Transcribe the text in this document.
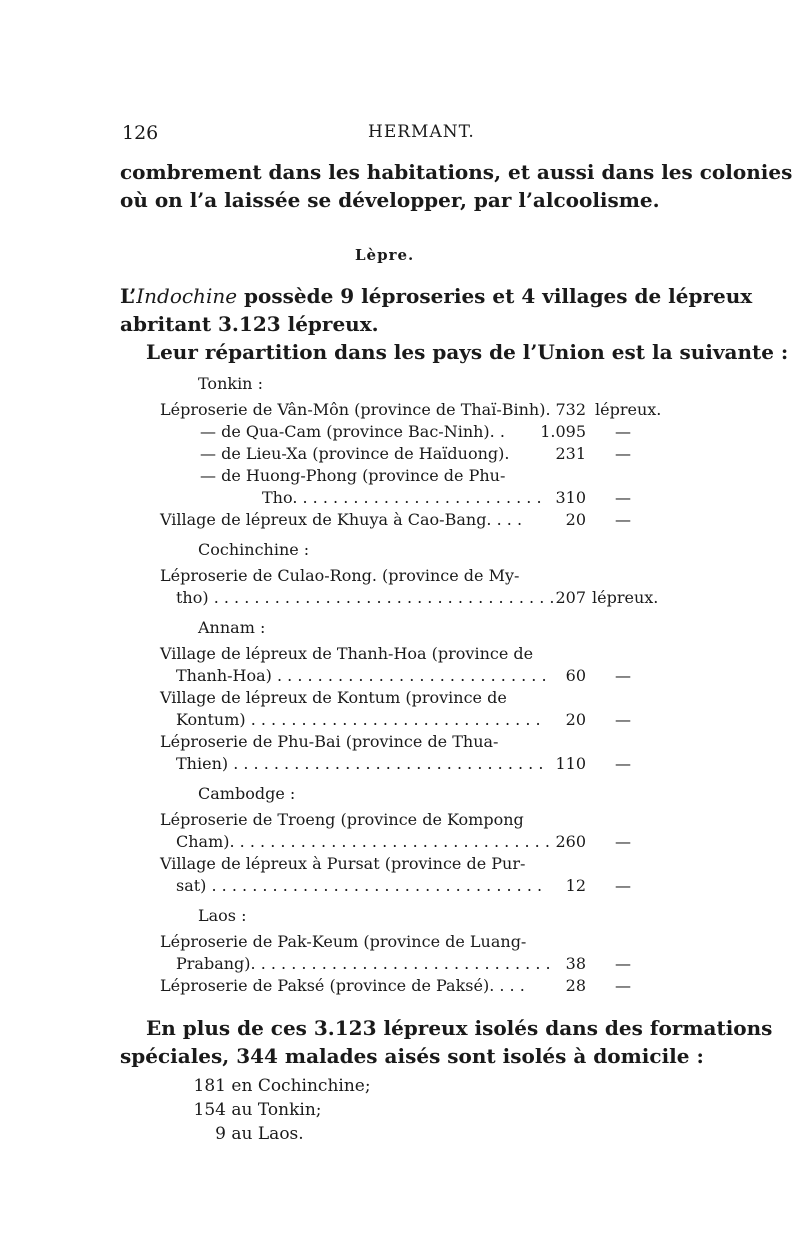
126	HERMANT.
combrement dans les habitations, et aussi dans les colonies
où on l’a laissée se développer, par l’alcoolisme.
Lèpre.
L’Indochine possède 9 léproseries et 4 villages de lépreux
abritant 3.123 lépreux.
Leur répartition dans les pays de l’Union est la suivante :
Tonkin :
Léproserie de Vân-Môn (province de Thaï-Binh). 732 lépreux.
— de Qua-Cam (province Bac-Ninh). .	1.095 —
— de Lieu-Xa (province de Haïduong).	231 —
— de Huong-Phong (province de Phu-
Tho. . . . . . . . . . . . . . . . . . . . . . . . . 310 —
Village de lépreux de Khuya à Cao-Bang. . . .	20 —
Cochinchine :
Léproserie de Culao-Rong. (province de My-
tho) . . . . . . . . . . . . . . . . . . . . . . . . . . . . . . . . . . 207 lépreux.
Annam :
Village de lépreux de Thanh-Hoa (province de
Thanh-Hoa) . . . . . . . . . . . . . . . . . . . . . . . . . . .	60 —
Village de lépreux de Kontum (province de
Kontum) . . . . . . . . . . . . . . . . . . . . . . . . . . . . .	20 —
Léproserie de Phu-Bai (province de Thua-
Thien) . . . . . . . . . . . . . . . . . . . . . . . . . . . . . . . 110 —
Cambodge :
Léproserie de Troeng (province de Kompong
Cham). . . . . . . . . . . . . . . . . . . . . . . . . . . . . . . . 260 —
Village de lépreux à Pursat (province de Pur-
sat) . . . . . . . . . . . . . . . . . . . . . . . . . . . . . . . . .	12 —
Laos :
Léproserie de Pak-Keum (province de Luang-
Prabang). . . . . . . . . . . . . . . . . . . . . . . . . . . . . . 38 —
Léproserie de Paksé (province de Paksé). . . .	28 —
En plus de ces 3.123 lépreux isolés dans des formations
spéciales, 344 malades aisés sont isolés à domicile :
181 en Cochinchine;
154 au Tonkin;
9 au Laos.
